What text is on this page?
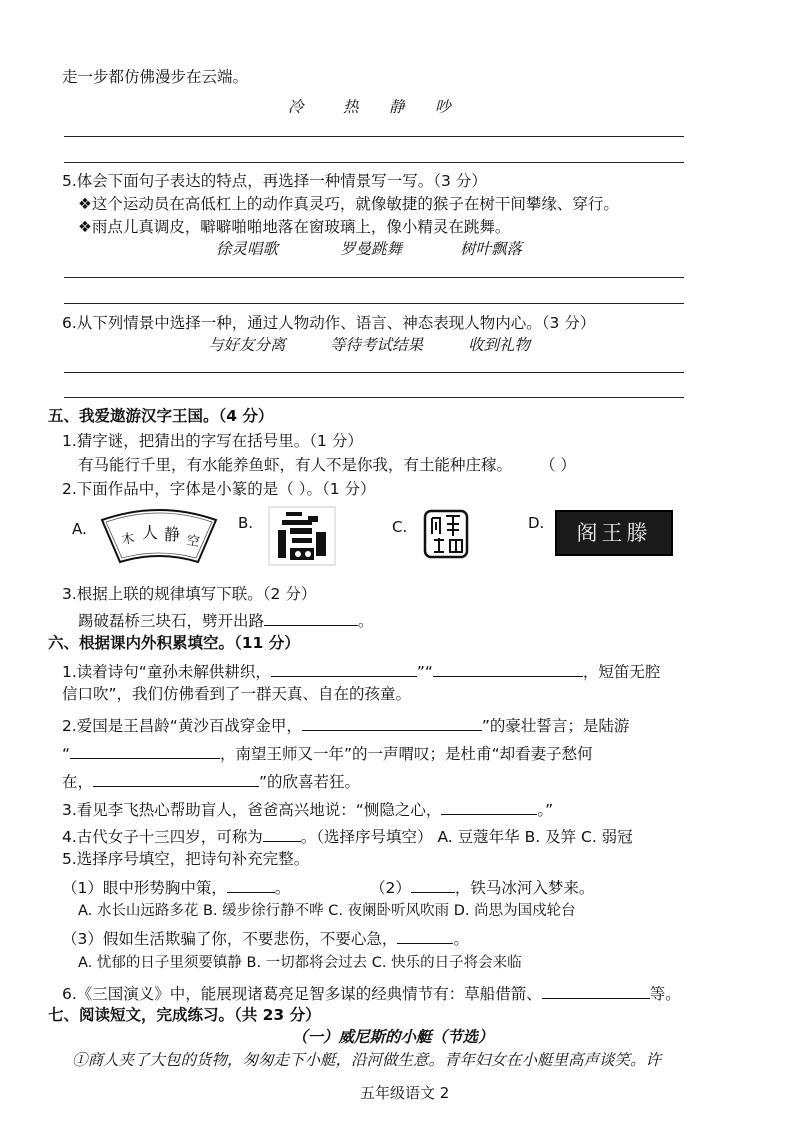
走一步都仿佛漫步在云端。
冷	热 静 吵
5.体会下面句子表达的特点，再选择一种情景写一写。（3 分）
❖这个运动员在高低杠上的动作真灵巧，就像敏捷的猴子在树干间攀缘、穿行。
❖雨点儿真调皮，噼噼啪啪地落在窗玻璃上，像小精灵在跳舞。
徐灵唱歌	罗曼跳舞	树叶飘落
6.从下列情景中选择一种，通过人物动作、语言、神态表现人物内心。（3 分）
与好友分离	等待考试结果	收到礼物
五、我爱遨游汉字王国。（4 分）
1.猜字谜，把猜出的字写在括号里。（1 分）
有马能行千里，有水能养鱼虾，有人不是你我，有土能种庄稼。 （ ）
2.下面作品中，字体是小篆的是（ ）。（1 分）
A.
木 人 静 空
B.	C.	D.	阁王滕
3.根据上联的规律填写下联。（2 分）
踢破磊桥三块石，劈开出路	。
六、根据课内外积累填空。（11 分）
1.读着诗句“童孙未解供耕织，	”“	，短笛无腔
信口吹”，我们仿佛看到了一群天真、自在的孩童。
2.爱国是王昌龄“黄沙百战穿金甲，	”的豪壮誓言；是陆游
“	，南望王师又一年”的一声喟叹；是杜甫“却看妻子愁何
在，	”的欣喜若狂。
3.看见李飞热心帮助盲人，爸爸高兴地说：“恻隐之心，	。”
4.古代女子十三四岁，可称为 。（选择序号填空） A. 豆蔻年华 B. 及笄 C. 弱冠
5.选择序号填空，把诗句补充完整。
（1）眼中形势胸中策，	。	（2）	，铁马冰河入梦来。
A. 水长山远路多花 B. 缓步徐行静不哗 C. 夜阑卧听风吹雨 D. 尚思为国戍轮台
（3）假如生活欺骗了你，不要悲伤，不要心急，	。
A. 忧郁的日子里须要镇静 B. 一切都将会过去 C. 快乐的日子将会来临
6.《三国演义》中，能展现诸葛亮足智多谋的经典情节有：草船借箭、	等。
七、阅读短文，完成练习。（共 23 分）
（一）威尼斯的小艇（节选）
①商人夹了大包的货物，匆匆走下小艇，沿河做生意。青年妇女在小艇里高声谈笑。许
五年级语文 2
